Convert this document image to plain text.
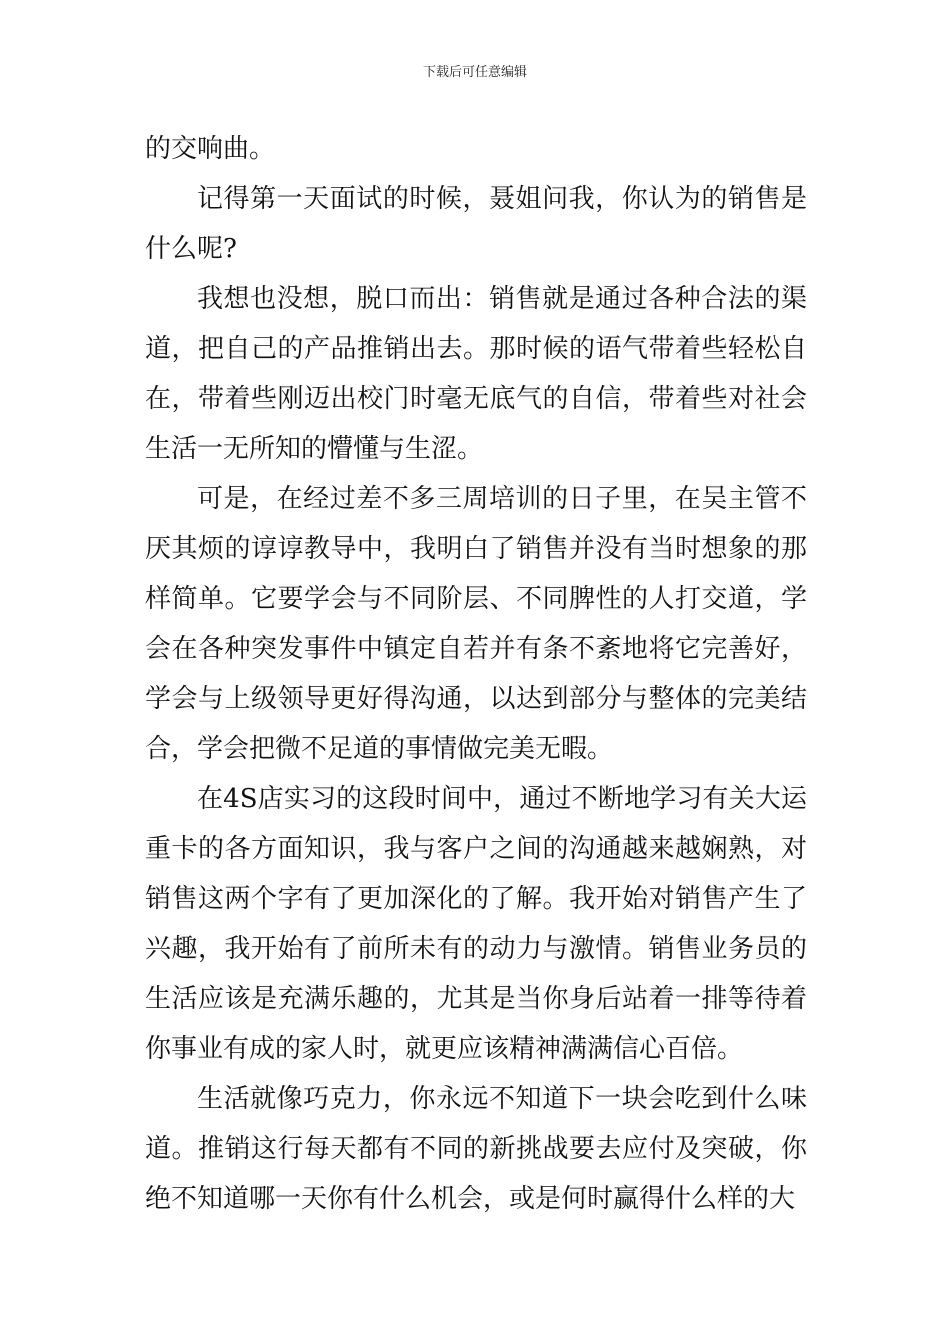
下载后可任意编辑

的交响曲。

记得第一天面试的时候，聂姐问我，你认为的销售是什么呢?

我想也没想，脱口而出：销售就是通过各种合法的渠道，把自己的产品推销出去。那时候的语气带着些轻松自在，带着些刚迈出校门时毫无底气的自信，带着些对社会生活一无所知的懵懂与生涩。

可是，在经过差不多三周培训的日子里，在吴主管不厌其烦的谆谆教导中，我明白了销售并没有当时想象的那样简单。它要学会与不同阶层、不同脾性的人打交道，学会在各种突发事件中镇定自若并有条不紊地将它完善好，学会与上级领导更好得沟通，以达到部分与整体的完美结合，学会把微不足道的事情做完美无暇。

在4S店实习的这段时间中，通过不断地学习有关大运重卡的各方面知识，我与客户之间的沟通越来越娴熟，对销售这两个字有了更加深化的了解。我开始对销售产生了兴趣，我开始有了前所未有的动力与激情。销售业务员的生活应该是充满乐趣的，尤其是当你身后站着一排等待着你事业有成的家人时，就更应该精神满满信心百倍。

生活就像巧克力，你永远不知道下一块会吃到什么味道。推销这行每天都有不同的新挑战要去应付及突破，你绝不知道哪一天你有什么机会，或是何时赢得什么样的大
